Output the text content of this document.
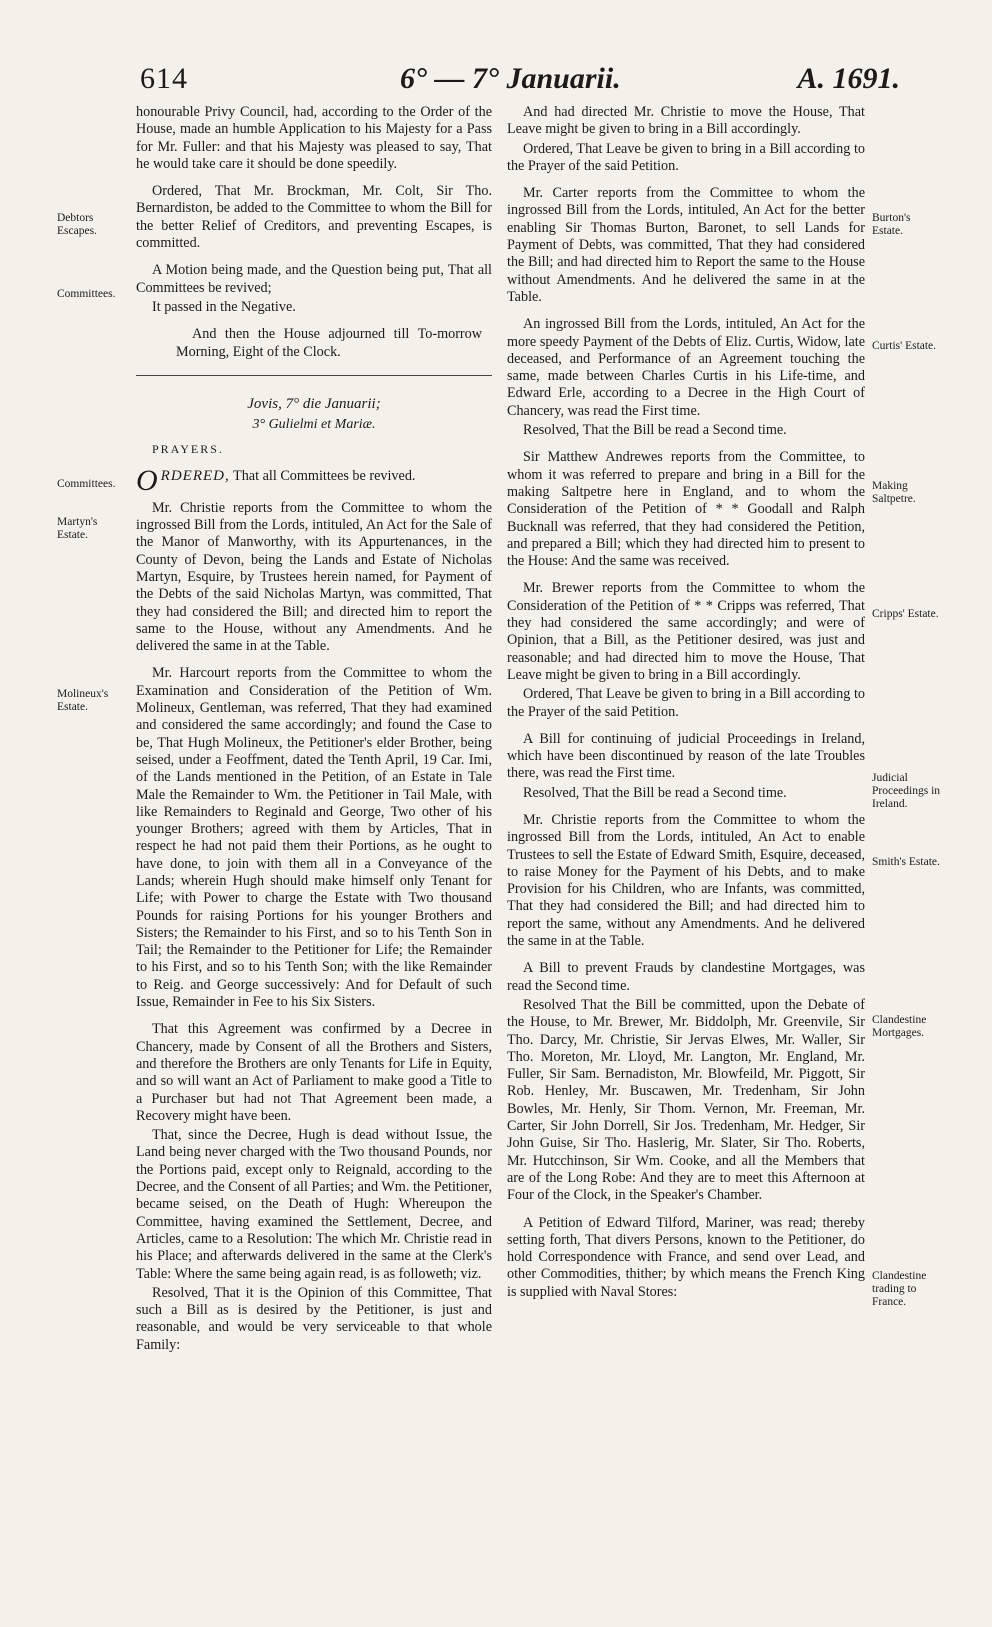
614	6° — 7° Januarii.	A. 1691.
Debtors Escapes.
Committees.
Committees.
Martyn's Estate.
Molineux's Estate.
Burton's Estate.
Curtis' Estate.
Making Saltpetre.
Cripps' Estate.
Judicial Proceedings in Ireland.
Smith's Estate.
Clandestine Mortgages.
Clandestine trading to France.

honourable Privy Council, had, according to the Order of the House, made an humble Application to his Majesty for a Pass for Mr. Fuller: and that his Majesty was pleased to say, That he would take care it should be done speedily.

Ordered, That Mr. Brockman, Mr. Colt, Sir Tho. Bernardiston, be added to the Committee to whom the Bill for the better Relief of Creditors, and preventing Escapes, is committed.

A Motion being made, and the Question being put, That all Committees be revived;

It passed in the Negative.

And then the House adjourned till To-morrow Morning, Eight of the Clock.

Jovis, 7° die Januarii;
3° Gulielmi et Mariæ.

PRAYERS.

ORDERED, That all Committees be revived.

Mr. Christie reports from the Committee to whom the ingrossed Bill from the Lords, intituled, An Act for the Sale of the Manor of Manworthy, with its Appurtenances, in the County of Devon, being the Lands and Estate of Nicholas Martyn, Esquire, by Trustees herein named, for Payment of the Debts of the said Nicholas Martyn, was committed, That they had considered the Bill; and directed him to report the same to the House, without any Amendments. And he delivered the same in at the Table.

Mr. Harcourt reports from the Committee to whom the Examination and Consideration of the Petition of Wm. Molineux, Gentleman, was referred, That they had examined and considered the same accordingly; and found the Case to be, That Hugh Molineux, the Petitioner's elder Brother, being seised, under a Feoffment, dated the Tenth April, 19 Car. Imi, of the Lands mentioned in the Petition, of an Estate in Tale Male the Remainder to Wm. the Petitioner in Tail Male, with like Remainders to Reginald and George, Two other of his younger Brothers; agreed with them by Articles, That in respect he had not paid them their Portions, as he ought to have done, to join with them all in a Conveyance of the Lands; wherein Hugh should make himself only Tenant for Life; with Power to charge the Estate with Two thousand Pounds for raising Portions for his younger Brothers and Sisters; the Remainder to his First, and so to his Tenth Son in Tail; the Remainder to the Petitioner for Life; the Remainder to his First, and so to his Tenth Son; with the like Remainder to Reig. and George successively: And for Default of such Issue, Remainder in Fee to his Six Sisters.

That this Agreement was confirmed by a Decree in Chancery, made by Consent of all the Brothers and Sisters, and therefore the Brothers are only Tenants for Life in Equity, and so will want an Act of Parliament to make good a Title to a Purchaser but had not That Agreement been made, a Recovery might have been.

That, since the Decree, Hugh is dead without Issue, the Land being never charged with the Two thousand Pounds, nor the Portions paid, except only to Reignald, according to the Decree, and the Consent of all Parties; and Wm. the Petitioner, became seised, on the Death of Hugh: Whereupon the Committee, having examined the Settlement, Decree, and Articles, came to a Resolution: The which Mr. Christie read in his Place; and afterwards delivered in the same at the Clerk's Table: Where the same being again read, is as followeth; viz.

Resolved, That it is the Opinion of this Committee, That such a Bill as is desired by the Petitioner, is just and reasonable, and would be very serviceable to that whole Family:

And had directed Mr. Christie to move the House, That Leave might be given to bring in a Bill accordingly.

Ordered, That Leave be given to bring in a Bill according to the Prayer of the said Petition.

Mr. Carter reports from the Committee to whom the ingrossed Bill from the Lords, intituled, An Act for the better enabling Sir Thomas Burton, Baronet, to sell Lands for Payment of Debts, was committed, That they had considered the Bill; and had directed him to Report the same to the House without Amendments. And he delivered the same in at the Table.

An ingrossed Bill from the Lords, intituled, An Act for the more speedy Payment of the Debts of Eliz. Curtis, Widow, late deceased, and Performance of an Agreement touching the same, made between Charles Curtis in his Life-time, and Edward Erle, according to a Decree in the High Court of Chancery, was read the First time.

Resolved, That the Bill be read a Second time.

Sir Matthew Andrewes reports from the Committee, to whom it was referred to prepare and bring in a Bill for the making Saltpetre here in England, and to whom the Consideration of the Petition of * * Goodall and Ralph Bucknall was referred, that they had considered the Petition, and prepared a Bill; which they had directed him to present to the House: And the same was received.

Mr. Brewer reports from the Committee to whom the Consideration of the Petition of * * Cripps was referred, That they had considered the same accordingly; and were of Opinion, that a Bill, as the Petitioner desired, was just and reasonable; and had directed him to move the House, That Leave might be given to bring in a Bill accordingly.

Ordered, That Leave be given to bring in a Bill according to the Prayer of the said Petition.

A Bill for continuing of judicial Proceedings in Ireland, which have been discontinued by reason of the late Troubles there, was read the First time.

Resolved, That the Bill be read a Second time.

Mr. Christie reports from the Committee to whom the ingrossed Bill from the Lords, intituled, An Act to enable Trustees to sell the Estate of Edward Smith, Esquire, deceased, to raise Money for the Payment of his Debts, and to make Provision for his Children, who are Infants, was committed, That they had considered the Bill; and had directed him to report the same, without any Amendments. And he delivered the same in at the Table.

A Bill to prevent Frauds by clandestine Mortgages, was read the Second time.

Resolved That the Bill be committed, upon the Debate of the House, to Mr. Brewer, Mr. Biddolph, Mr. Greenvile, Sir Tho. Darcy, Mr. Christie, Sir Jervas Elwes, Mr. Waller, Sir Tho. Moreton, Mr. Lloyd, Mr. Langton, Mr. England, Mr. Fuller, Sir Sam. Bernadiston, Mr. Blowfeild, Mr. Piggott, Sir Rob. Henley, Mr. Buscawen, Mr. Tredenham, Sir John Bowles, Mr. Henly, Sir Thom. Vernon, Mr. Freeman, Mr. Carter, Sir John Dorrell, Sir Jos. Tredenham, Mr. Hedger, Sir John Guise, Sir Tho. Haslerig, Mr. Slater, Sir Tho. Roberts, Mr. Hutcchinson, Sir Wm. Cooke, and all the Members that are of the Long Robe: And they are to meet this Afternoon at Four of the Clock, in the Speaker's Chamber.

A Petition of Edward Tilford, Mariner, was read; thereby setting forth, That divers Persons, known to the Petitioner, do hold Correspondence with France, and send over Lead, and other Commodities, thither; by which means the French King is supplied with Naval Stores:
